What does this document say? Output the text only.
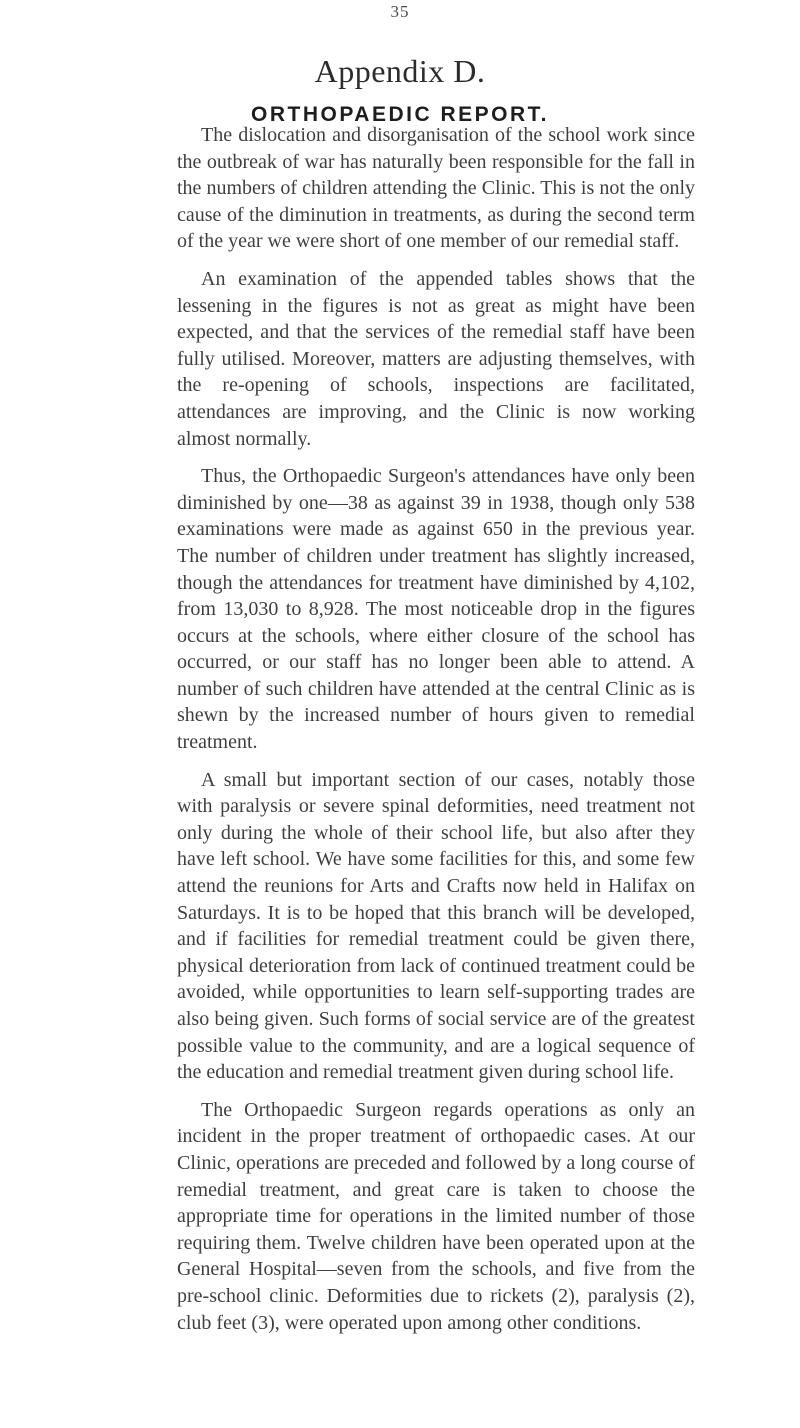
35
Appendix D.
ORTHOPAEDIC REPORT.

The dislocation and disorganisation of the school work since the outbreak of war has naturally been responsible for the fall in the numbers of children attending the Clinic. This is not the only cause of the diminution in treatments, as during the second term of the year we were short of one member of our remedial staff.

An examination of the appended tables shows that the lessening in the figures is not as great as might have been expected, and that the services of the remedial staff have been fully utilised. Moreover, matters are adjusting themselves, with the re-opening of schools, inspections are facilitated, attendances are improving, and the Clinic is now working almost normally.

Thus, the Orthopaedic Surgeon's attendances have only been diminished by one—38 as against 39 in 1938, though only 538 examinations were made as against 650 in the previous year. The number of children under treatment has slightly increased, though the attendances for treatment have diminished by 4,102, from 13,030 to 8,928. The most noticeable drop in the figures occurs at the schools, where either closure of the school has occurred, or our staff has no longer been able to attend. A number of such children have attended at the central Clinic as is shewn by the increased number of hours given to remedial treatment.

A small but important section of our cases, notably those with paralysis or severe spinal deformities, need treatment not only during the whole of their school life, but also after they have left school. We have some facilities for this, and some few attend the reunions for Arts and Crafts now held in Halifax on Saturdays. It is to be hoped that this branch will be developed, and if facilities for remedial treatment could be given there, physical deterioration from lack of continued treatment could be avoided, while opportunities to learn self-supporting trades are also being given. Such forms of social service are of the greatest possible value to the community, and are a logical sequence of the education and remedial treatment given during school life.

The Orthopaedic Surgeon regards operations as only an incident in the proper treatment of orthopaedic cases. At our Clinic, operations are preceded and followed by a long course of remedial treatment, and great care is taken to choose the appropriate time for operations in the limited number of those requiring them. Twelve children have been operated upon at the General Hospital—seven from the schools, and five from the pre-school clinic. Deformities due to rickets (2), paralysis (2), club feet (3), were operated upon among other conditions.
